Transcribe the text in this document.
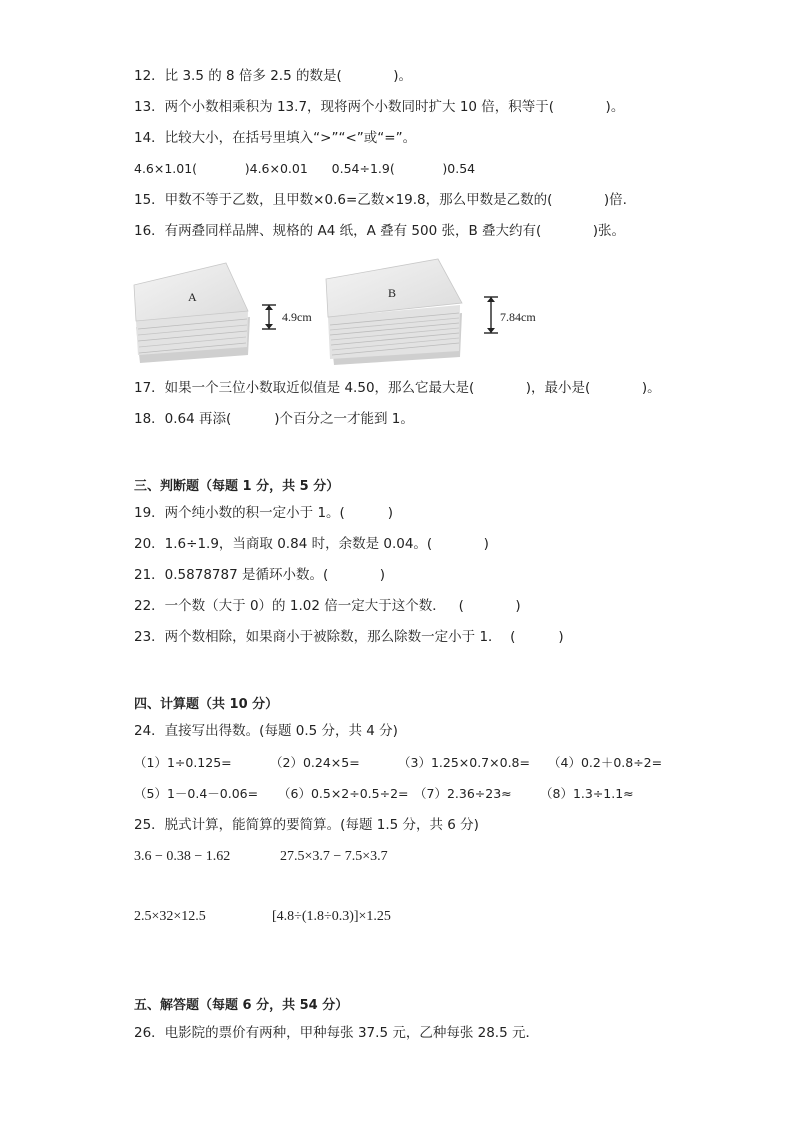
12．比 3.5 的 8 倍多 2.5 的数是(            )。
13．两个小数相乘积为 13.7，现将两个小数同时扩大 10 倍，积等于(            )。
14．比较大小，在括号里填入“>”“<”或“=”。
4.6×1.01(            )4.6×0.01      0.54÷1.9(            )0.54
15．甲数不等于乙数，且甲数×0.6=乙数×19.8，那么甲数是乙数的(            )倍.
16．有两叠同样品牌、规格的 A4 纸，A 叠有 500 张，B 叠大约有(            )张。
A
4.9cm
B
7.84cm
17．如果一个三位小数取近似值是 4.50，那么它最大是(            )，最小是(            )。
18．0.64 再添(          )个百分之一才能到 1。
三、判断题（每题 1 分，共 5 分）
19．两个纯小数的积一定小于 1。(          )
20．1.6÷1.9，当商取 0.84 时，余数是 0.04。(            )
21．0.5878787 是循环小数。(            )
22．一个数（大于 0）的 1.02 倍一定大于这个数．   (            )
23．两个数相除，如果商小于被除数，那么除数一定小于 1．  (          )
四、计算题（共 10 分）
24．直接写出得数。(每题 0.5 分，共 4 分)
（1）1÷0.125=	（2）0.24×5=	（3）1.25×0.7×0.8= （4）0.2＋0.8÷2=
（5）1－0.4－0.06= （6）0.5×2÷0.5÷2= （7）2.36÷23≈ （8）1.3÷1.1≈
25．脱式计算，能简算的要简算。(每题 1.5 分，共 6 分)
3.6 − 0.38 − 1.62	27.5×3.7 − 7.5×3.7
2.5×32×12.5	[4.8÷(1.8÷0.3)]×1.25
五、解答题（每题 6 分，共 54 分）
26．电影院的票价有两种，甲种每张 37.5 元，乙种每张 28.5 元．
